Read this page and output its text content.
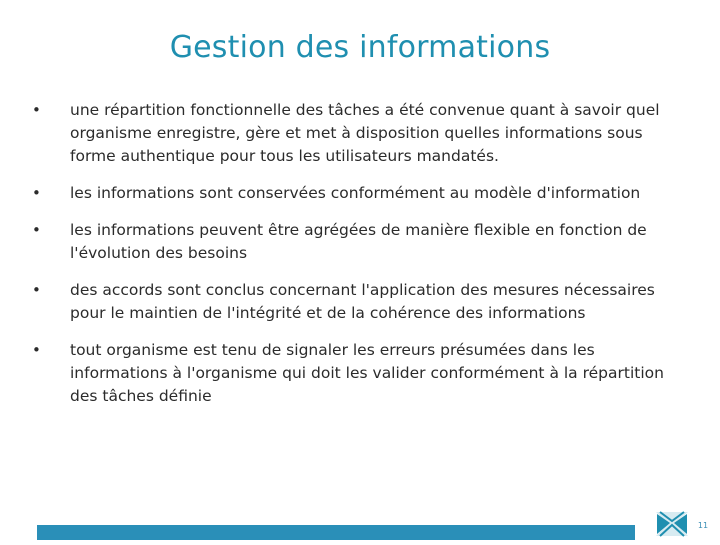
Gestion des informations
•	une répartition fonctionnelle des tâches a été convenue quant à savoir quel organisme enregistre, gère et met à disposition quelles informations sous forme authentique pour tous les utilisateurs mandatés.
•	les informations sont conservées conformément au modèle d'information
•	les informations peuvent être agrégées de manière flexible en fonction de l'évolution des besoins
•	des accords sont conclus concernant l'application des mesures nécessaires pour le maintien de l'intégrité et de la cohérence des informations
•	tout organisme est tenu de signaler les erreurs présumées dans les informations à l'organisme qui doit les valider conformément à la répartition des tâches définie
11
